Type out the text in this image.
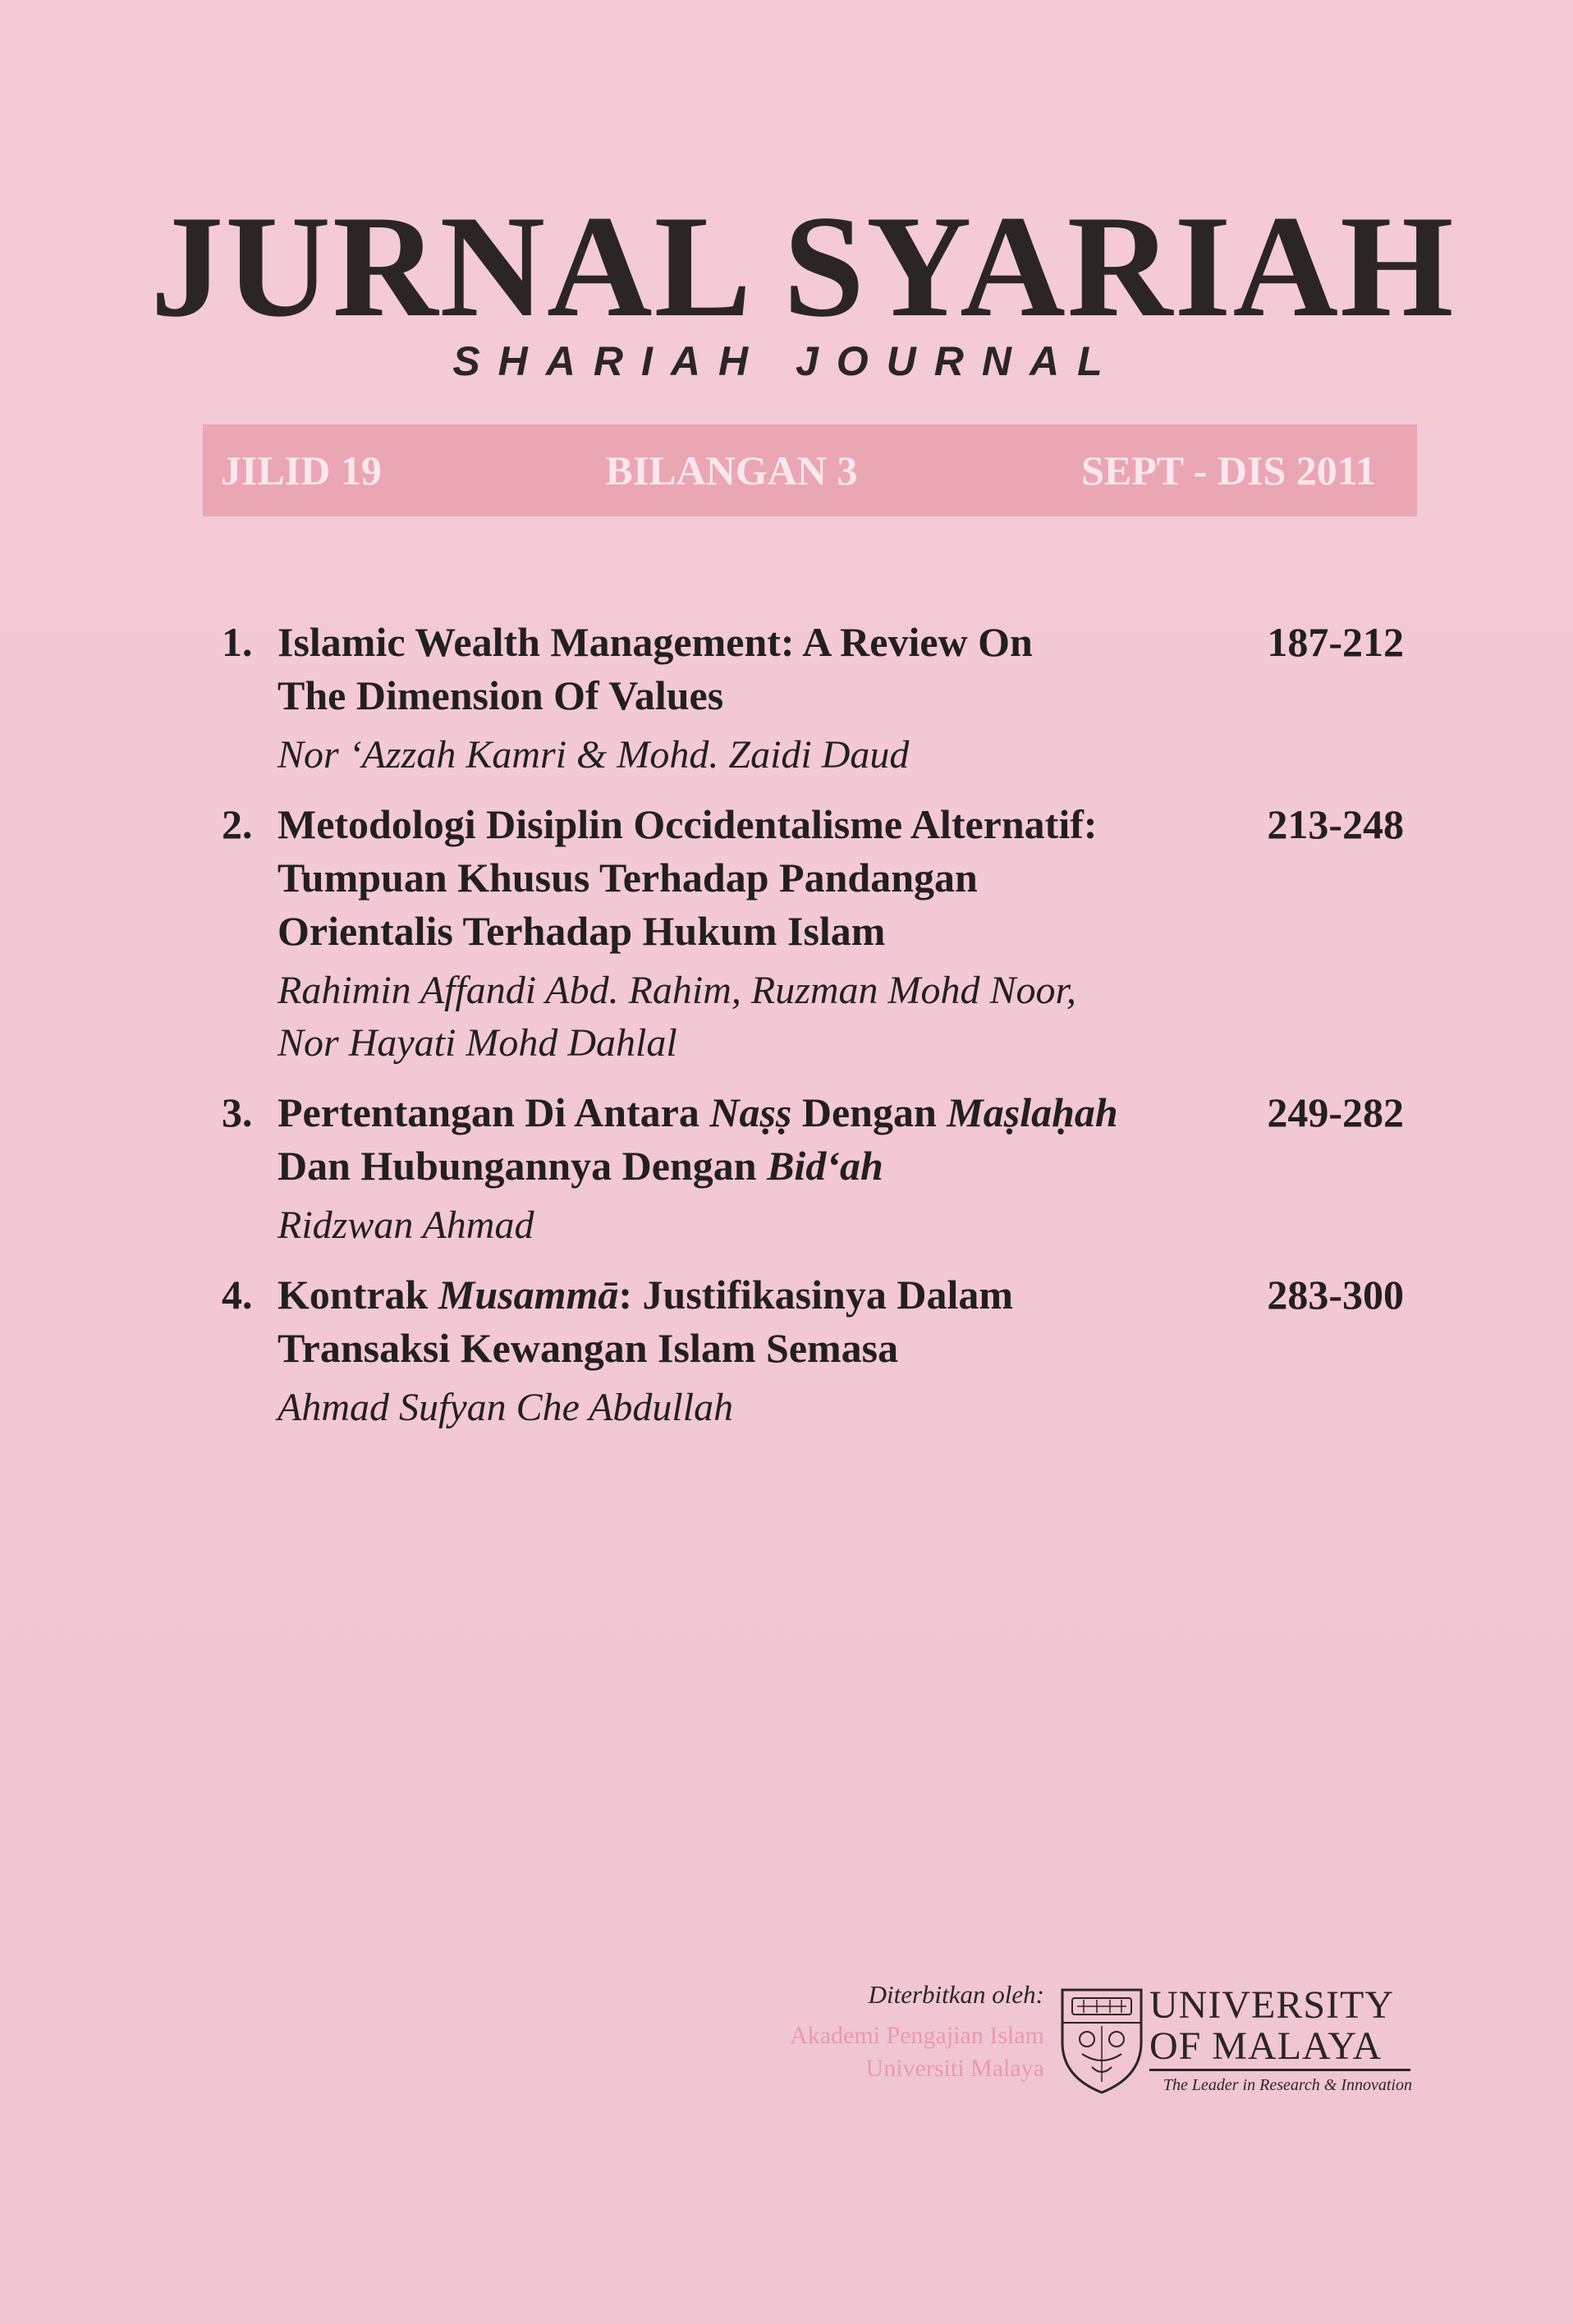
JURNAL SYARIAH
SHARIAH JOURNAL
JILID 19	BILANGAN 3	SEPT - DIS 2011
1. Islamic Wealth Management: A Review On
The Dimension Of Values
Nor ‘Azzah Kamri & Mohd. Zaidi Daud
187-212
2. Metodologi Disiplin Occidentalisme Alternatif:
Tumpuan Khusus Terhadap Pandangan
Orientalis Terhadap Hukum Islam
Rahimin Affandi Abd. Rahim, Ruzman Mohd Noor,
Nor Hayati Mohd Dahlal
213-248
3. Pertentangan Di Antara Naṣṣ Dengan Maṣlaḥah
Dan Hubungannya Dengan Bid‘ah
Ridzwan Ahmad
249-282
4. Kontrak Musammā: Justifikasinya Dalam
Transaksi Kewangan Islam Semasa
Ahmad Sufyan Che Abdullah
283-300
Diterbitkan oleh:
Akademi Pengajian Islam
Universiti Malaya
UNIVERSITY
OF MALAYA
The Leader in Research & Innovation
